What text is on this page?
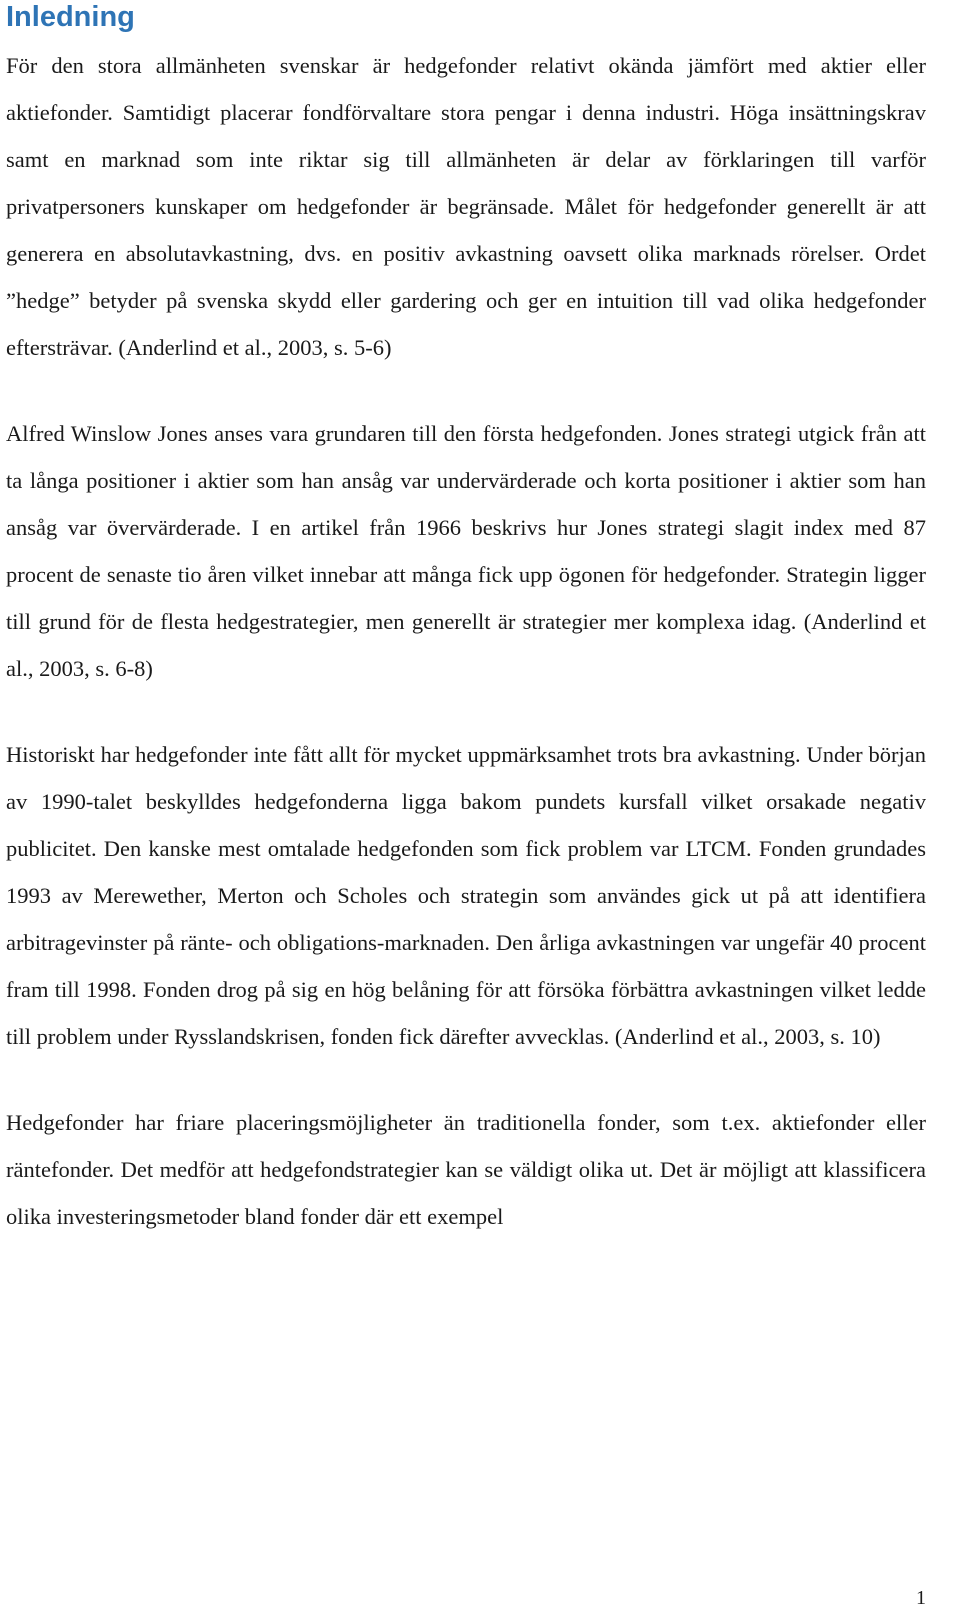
Inledning

För den stora allmänheten svenskar är hedgefonder relativt okända jämfört med aktier eller aktiefonder. Samtidigt placerar fondförvaltare stora pengar i denna industri. Höga insättningskrav samt en marknad som inte riktar sig till allmänheten är delar av förklaringen till varför privatpersoners kunskaper om hedgefonder är begränsade. Målet för hedgefonder generellt är att generera en absolutavkastning, dvs. en positiv avkastning oavsett olika marknads rörelser. Ordet ”hedge” betyder på svenska skydd eller gardering och ger en intuition till vad olika hedgefonder eftersträvar. (Anderlind et al., 2003, s. 5-6)

Alfred Winslow Jones anses vara grundaren till den första hedgefonden. Jones strategi utgick från att ta långa positioner i aktier som han ansåg var undervärderade och korta positioner i aktier som han ansåg var övervärderade. I en artikel från 1966 beskrivs hur Jones strategi slagit index med 87 procent de senaste tio åren vilket innebar att många fick upp ögonen för hedgefonder. Strategin ligger till grund för de flesta hedgestrategier, men generellt är strategier mer komplexa idag. (Anderlind et al., 2003, s. 6-8)

Historiskt har hedgefonder inte fått allt för mycket uppmärksamhet trots bra avkastning. Under början av 1990-talet beskylldes hedgefonderna ligga bakom pundets kursfall vilket orsakade negativ publicitet. Den kanske mest omtalade hedgefonden som fick problem var LTCM. Fonden grundades 1993 av Merewether, Merton och Scholes och strategin som användes gick ut på att identifiera arbitragevinster på ränte- och obligations-marknaden. Den årliga avkastningen var ungefär 40 procent fram till 1998. Fonden drog på sig en hög belåning för att försöka förbättra avkastningen vilket ledde till problem under Rysslandskrisen, fonden fick därefter avvecklas. (Anderlind et al., 2003, s. 10)

Hedgefonder har friare placeringsmöjligheter än traditionella fonder, som t.ex. aktiefonder eller räntefonder. Det medför att hedgefondstrategier kan se väldigt olika ut. Det är möjligt att klassificera olika investeringsmetoder bland fonder där ett exempel

1
